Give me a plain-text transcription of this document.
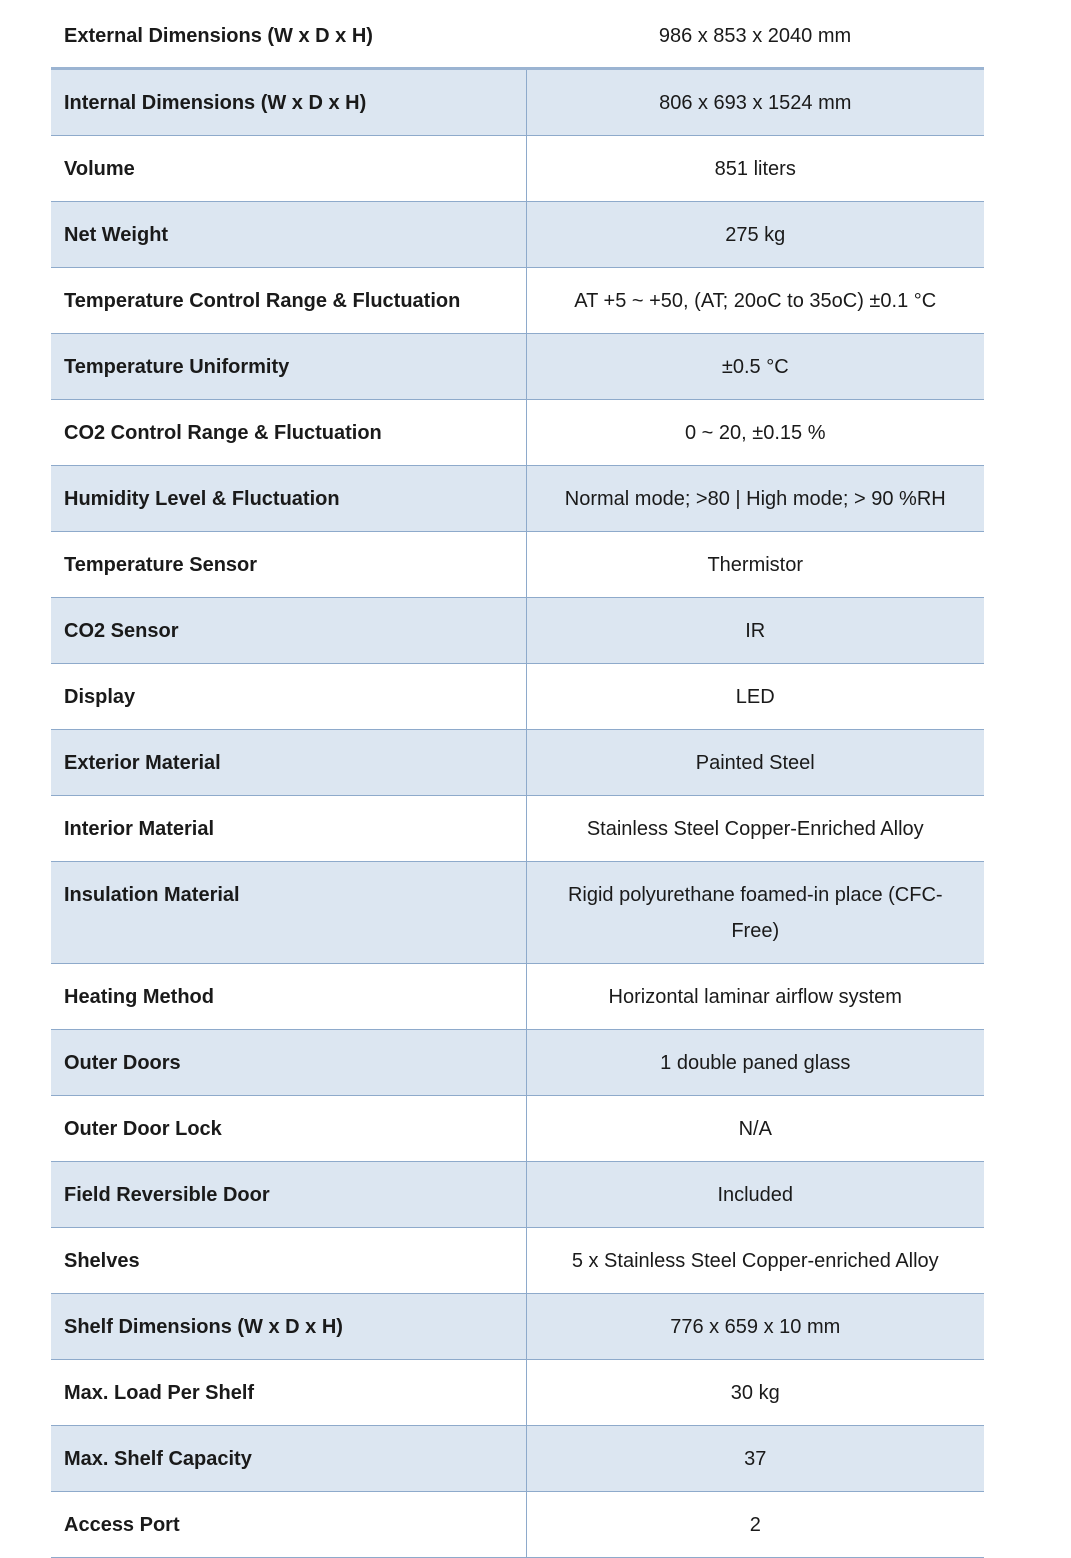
External Dimensions (W x D x H)	986 x 853 x 2040 mm
Internal Dimensions (W x D x H)	806 x 693 x 1524 mm
Volume	851 liters
Net Weight	275 kg
Temperature Control Range & Fluctuation	AT +5 ~ +50, (AT; 20oC to 35oC) ±0.1 °C
Temperature Uniformity	±0.5 °C
CO2 Control Range & Fluctuation	0 ~ 20, ±0.15 %
Humidity Level & Fluctuation	Normal mode; >80 | High mode; > 90 %RH
Temperature Sensor	Thermistor
CO2 Sensor	IR
Display	LED
Exterior Material	Painted Steel
Interior Material	Stainless Steel Copper-Enriched Alloy
Insulation Material	Rigid polyurethane foamed-in place (CFC-Free)
Heating Method	Horizontal laminar airflow system
Outer Doors	1 double paned glass
Outer Door Lock	N/A
Field Reversible Door	Included
Shelves	5 x Stainless Steel Copper-enriched Alloy
Shelf Dimensions (W x D x H)	776 x 659 x 10 mm
Max. Load Per Shelf	30 kg
Max. Shelf Capacity	37
Access Port	2
